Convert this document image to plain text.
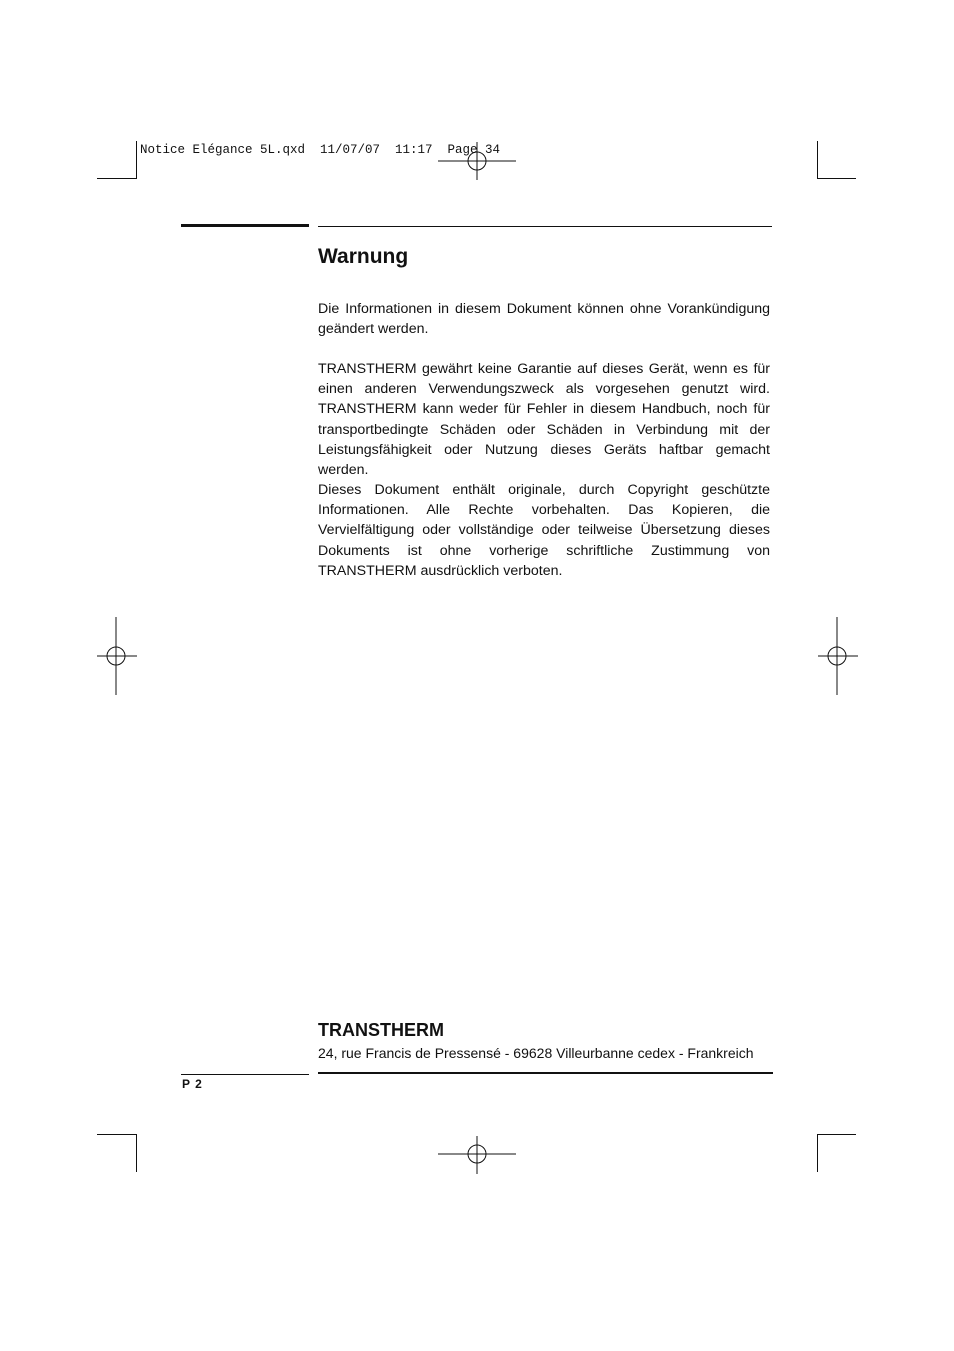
Notice Elégance 5L.qxd  11/07/07  11:17  Page 34
Warnung

Die Informationen in diesem Dokument können ohne Vorankündigung geändert werden.

TRANSTHERM gewährt keine Garantie auf dieses Gerät, wenn es für einen anderen Verwendungszweck als vorgesehen genutzt wird. TRANSTHERM kann weder für Fehler in diesem Handbuch, noch für transportbedingte Schäden oder Schäden in Verbindung mit der Leistungsfähigkeit oder Nutzung dieses Geräts haftbar gemacht werden.

Dieses Dokument enthält originale, durch Copyright geschützte Informationen. Alle Rechte vorbehalten. Das Kopieren, die Vervielfältigung oder vollständige oder teilweise Übersetzung dieses Dokuments ist ohne vorherige schriftliche Zustimmung von TRANSTHERM ausdrücklich verboten.

TRANSTHERM

24, rue Francis de Pressensé - 69628 Villeurbanne cedex - Frankreich

P 2
